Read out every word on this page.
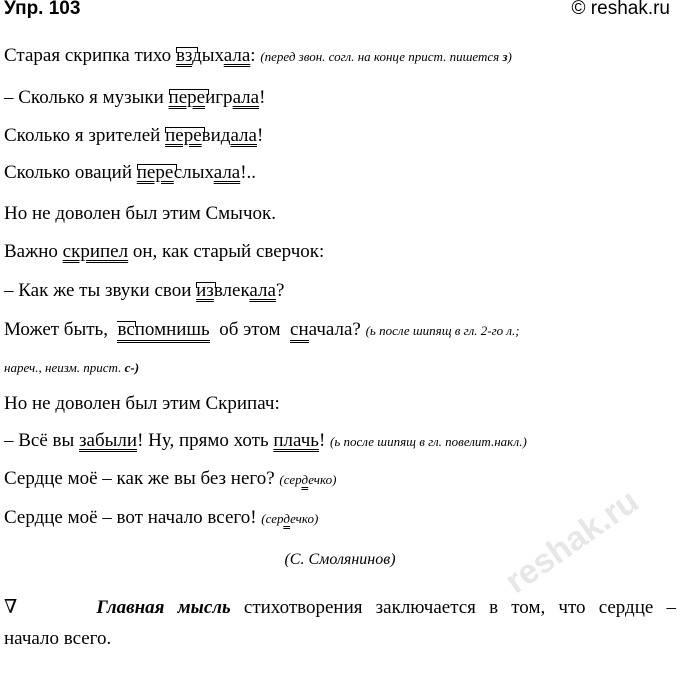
Упр. 103	© reshak.ru
Старая скрипка тихо
вздыхала: (перед звон. согл. на конце прист. пишется з)
– Сколько я музыки
переиграла!
Сколько я зрителей
перевидала!
Сколько оваций
переслыхала!..
Но не доволен был этим Смычок.
Важно скрипел он, как старый сверчок:
– Как же ты звуки свои
извлекала?
Может быть, вспомнишь об этом сначала? (ь после шипящ в гл. 2-го л.;
нареч., неизм. прист. с-)
Но не доволен был этим Скрипач:
– Всё вы забыли! Ну, прямо хоть плачь! (ь после шипящ в гл. повелит.накл.)
Сердце моё – как же вы без него? (сердечко)
Сердце моё – вот начало всего! (сердечко)
(С. Смолянинов)
∇	Главная мысль стихотворения заключается в том, что сердце –
начало всего.
reshak.ru
